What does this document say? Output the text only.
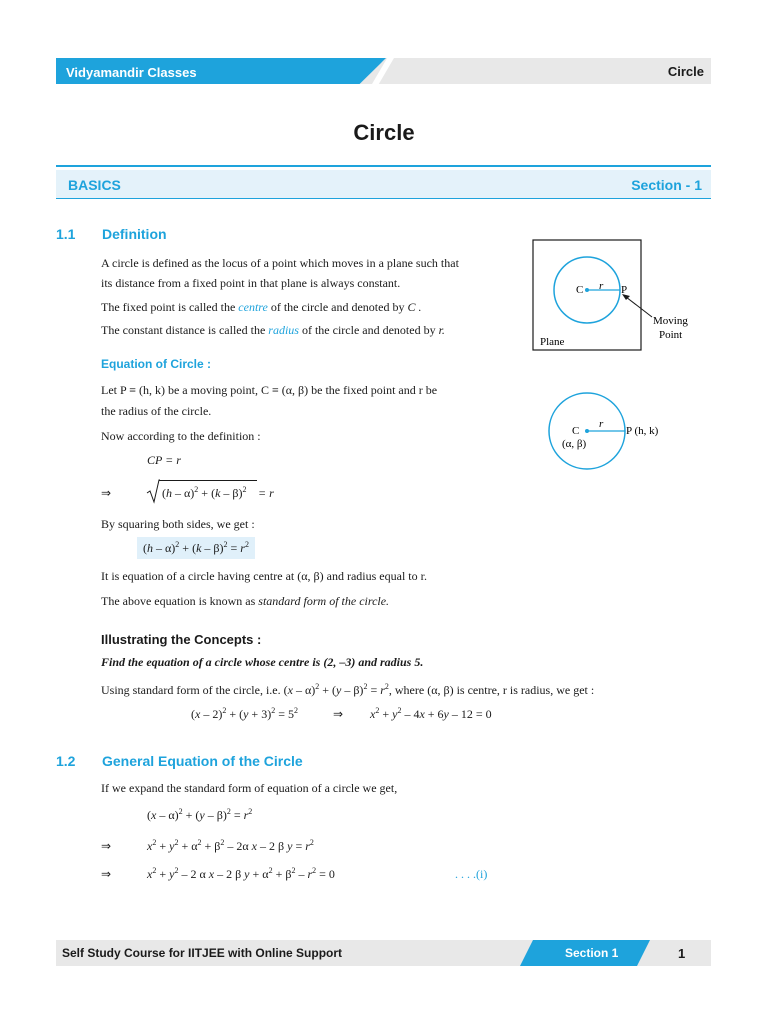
Vidyamandir Classes	Circle
Circle
BASICS	Section - 1
1.1 Definition
A circle is defined as the locus of a point which moves in a plane such that
its distance from a fixed point in that plane is always constant.
The fixed point is called the centre of the circle and denoted by C .
The constant distance is called the radius of the circle and denoted by r.
C r P
Moving
Point
Plane
Equation of Circle :
Let P ≡ (h, k) be a moving point, C ≡ (α, β) be the fixed point and r be
the radius of the circle.
Now according to the definition :
CP = r
⇒	(h – α)$^2$ + (k – β)$^2$ = r
By squaring both sides, we get :
$(h - \alpha)^2 + (k - \beta)^2 = r^2$
C
r
P (h, k)
(α, β)
It is equation of a circle having centre at (α, β) and radius equal to r.
The above equation is known as standard form of the circle.
Illustrating the Concepts :
Find the equation of a circle whose centre is (2, –3) and radius 5.
Using standard form of the circle, i.e. $(x - \alpha)^2 + (y - \beta)^2 = r^2$, where (α, β) is centre, r is radius, we get :
$(x - 2)^2 + (y + 3)^2 = 5^2$	⇒ $x^2 + y^2 - 4x + 6y - 12 = 0$
1.2 General Equation of the Circle
If we expand the standard form of equation of a circle we get,
$(x - \alpha)^2 + (y - \beta)^2 = r^2$
⇒	$x^2 + y^2 + \alpha^2 + \beta^2 - 2\alpha$ x – 2 β $y = r^2$
⇒	$x^2 + y^2 - 2$ α x – 2 β $y + \alpha^2 + \beta^2 - r^2 = 0$	. . . .(i)
Self Study Course for IITJEE with Online Support	Section 1	1
